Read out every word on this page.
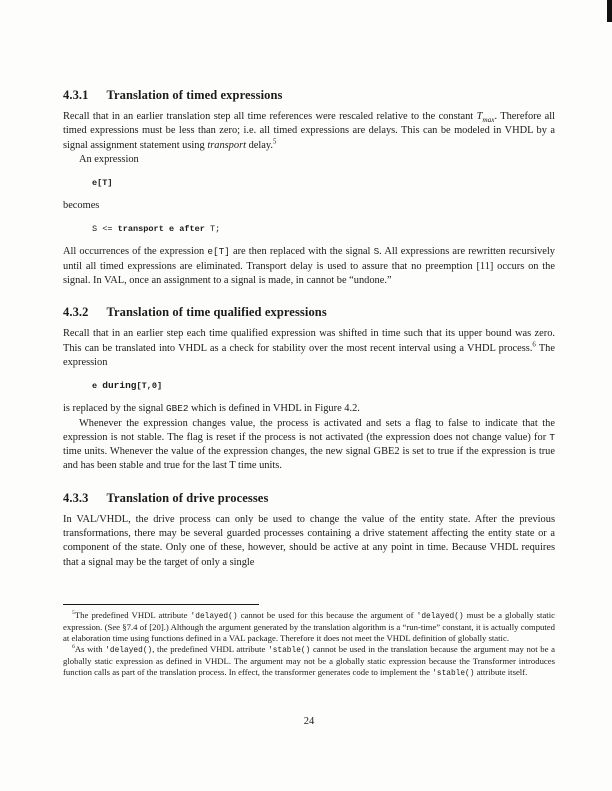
4.3.1 Translation of timed expressions

Recall that in an earlier translation step all time references were rescaled relative to the constant $T_{max}$. Therefore all timed expressions must be less than zero; i.e. all timed expressions are delays. This can be modeled in VHDL by a signal assignment statement using transport delay.$^5$

An expression

e[T]

becomes

S <= transport e after T;

All occurrences of the expression e[T] are then replaced with the signal S. All expressions are rewritten recursively until all timed expressions are eliminated. Transport delay is used to assure that no preemption [11] occurs on the signal. In VAL, once an assignment to a signal is made, in cannot be “undone.”

4.3.2 Translation of time qualified expressions

Recall that in an earlier step each time qualified expression was shifted in time such that its upper bound was zero. This can be translated into VHDL as a check for stability over the most recent interval using a VHDL process.$^6$ The expression

e during[T,0]

is replaced by the signal GBE2 which is defined in VHDL in Figure 4.2.

Whenever the expression changes value, the process is activated and sets a flag to false to indicate that the expression is not stable. The flag is reset if the process is not activated (the expression does not change value) for T time units. Whenever the value of the expression changes, the new signal GBE2 is set to true if the expression is true and has been stable and true for the last T time units.

4.3.3 Translation of drive processes

In VAL/VHDL, the drive process can only be used to change the value of the entity state. After the previous transformations, there may be several guarded processes containing a drive statement affecting the entity state or a component of the state. Only one of these, however, should be active at any point in time. Because VHDL requires that a signal may be the target of only a single

$^5$The predefined VHDL attribute 'delayed() cannot be used for this because the argument of 'delayed() must be a globally static expression. (See §7.4 of [20].) Although the argument generated by the translation algorithm is a “run-time” constant, it is actually computed at elaboration time using functions defined in a VAL package. Therefore it does not meet the VHDL definition of globally static.

$^6$As with 'delayed(), the predefined VHDL attribute 'stable() cannot be used in the translation because the argument may not be a globally static expression as defined in VHDL. The argument may not be a globally static expression because the Transformer introduces function calls as part of the translation process. In effect, the transformer generates code to implement the 'stable() attribute itself.

24
